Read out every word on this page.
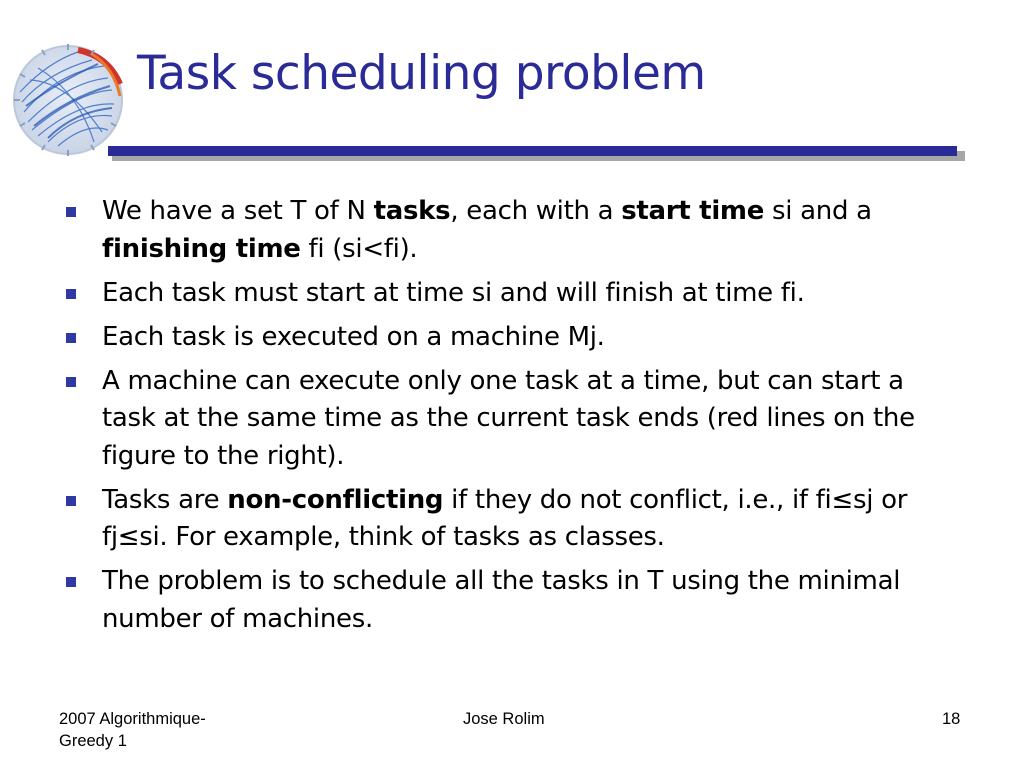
Task scheduling problem
We have a set T of N tasks, each with a start time si and a finishing time fi (si<fi).
Each task must start at time si and will finish at time fi.
Each task is executed on a machine Mj.
A machine can execute only one task at a time, but can start a task at the same time as the current task ends (red lines on the figure to the right).
Tasks are non-conflicting if they do not conflict, i.e., if fi≤sj or fj≤si. For example, think of tasks as classes.
The problem is to schedule all the tasks in T using the minimal number of machines.
2007 Algorithmique-Greedy 1
Jose Rolim	18
